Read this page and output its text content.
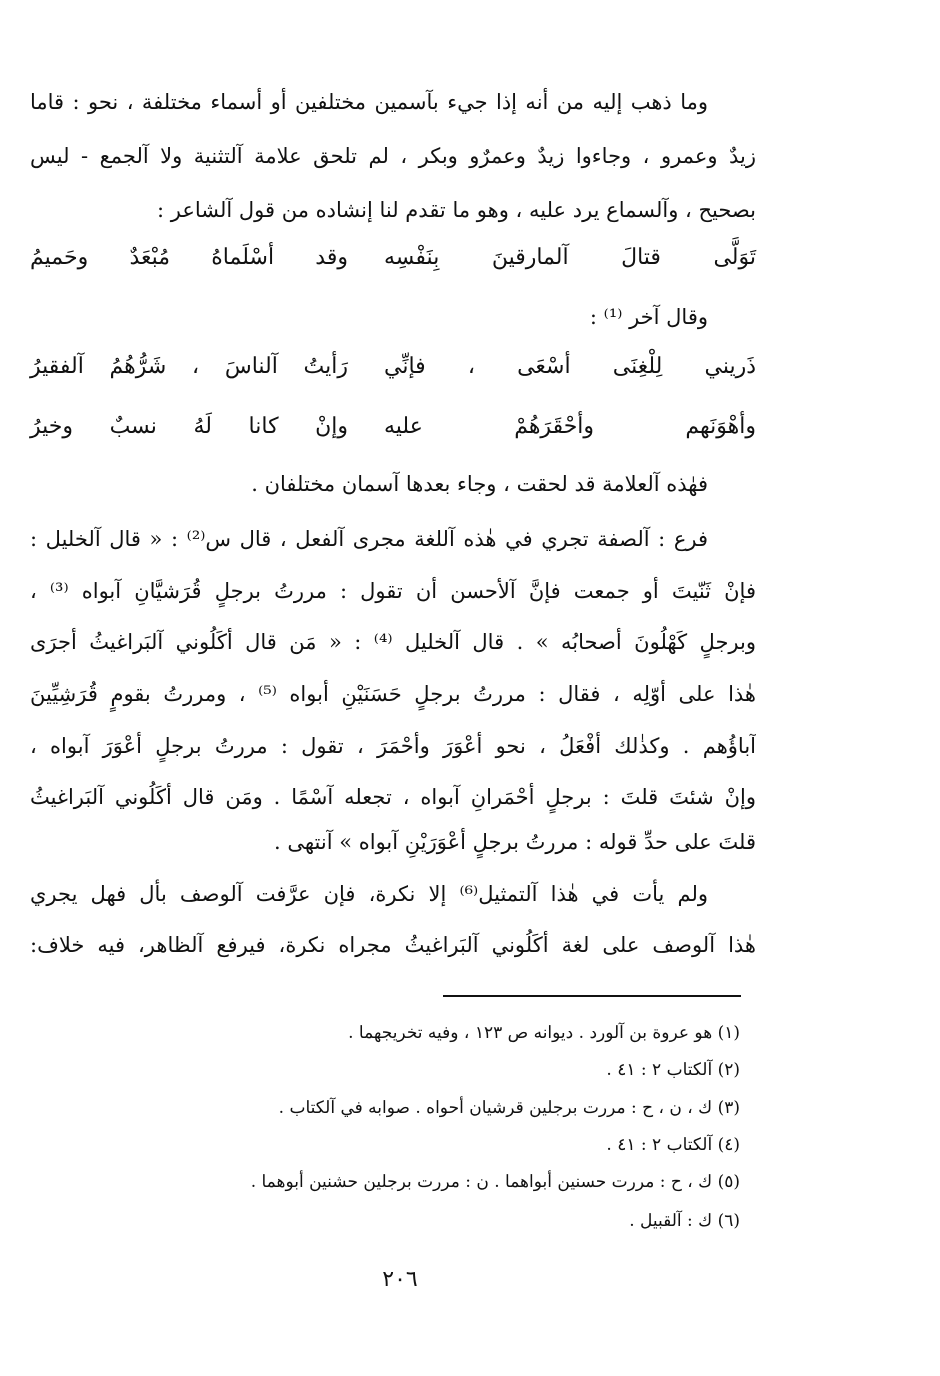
وما ذهب إليه من أنه إذا جيء بآسمين مختلفين أو أسماء مختلفة ، نحو : قاما
زيدٌ وعمرو ، وجاءوا زيدٌ وعمرٌو وبكر ، لم تلحق علامة آلتثنية ولا آلجمع - ليس
بصحيح ، وآلسماع يرد عليه ، وهو ما تقدم لنا إنشاده من قول آلشاعر :
تَوَلَّى قتالَ آلمارقينَ بِنَفْسِه
وقد أسْلَماهُ مُبْعَدٌ وحَميمُ
وقال آخر ⁽¹⁾ :
ذَريني لِلْغِنَى أسْعَى ، فإنِّي
رَأيتُ آلناسَ ، شَرُّهُمُ آلفقيرُ
وأهْوَنَهم وأحْقَرَهُمْ عليه
وإنْ كانا لَهُ نسبٌ وخيرُ
فهٰذه آلعلامة قد لحقت ، وجاء بعدها آسمان مختلفان .
فرع : آلصفة تجري في هٰذه آللغة مجرى آلفعل ، قال س⁽²⁾ : « قال آلخليل :
فإنْ ثَنّيتَ أو جمعت فإنَّ آلأحسن أن تقول : مررتُ برجلٍ قُرَشيَّانِ آبواه ⁽³⁾ ،
وبرجلٍ كَهْلُونَ أصحابُه » . قال آلخليل ⁽⁴⁾ : « مَن قال أكَلُوني آلبَراغيثُ أجرَى
هٰذا على أوّلِه ، فقال : مررتُ برجلٍ حَسَنَيْنِ أبواه ⁽⁵⁾ ، ومررتُ بقومٍ قُرَشِيِّينَ
آباؤُهم . وكذٰلك أفْعَلُ ، نحو أعْوَرَ وأحْمَرَ ، تقول : مررتُ برجلٍ أعْوَرَ آبواه ،
وإنْ شئتَ قلتَ : برجلٍ أحْمَرانِ آبواه ، تجعله آسْمًا . ومَن قال أكَلُوني آلبَراغيثُ
قلتَ على حدِّ قوله : مررتُ برجلٍ أعْوَرَيْنِ آبواه » آنتهى .
ولم يأت في هٰذا آلتمثيل⁽⁶⁾ إلا نكرة، فإن عرَّفت آلوصف بأل فهل يجري
هٰذا آلوصف على لغة أكَلُوني آلبَراغيثُ مجراه نكرة، فيرفع آلظاهر، فيه خلاف:
(١) هو عروة بن آلورد . ديوانه ص ١٢٣ ، وفيه تخريجهما .
(٢) آلكتاب ٢ : ٤١ .
(٣) ك ، ن ، ح : مررت برجلين قرشيان أحواه . صوابه في آلكتاب .
(٤) آلكتاب ٢ : ٤١ .
(٥) ك ، ح : مررت حسنين أبواهما . ن : مررت برجلين حشنين أبوهما .
(٦) ك : آلقبيل .
٢٠٦
